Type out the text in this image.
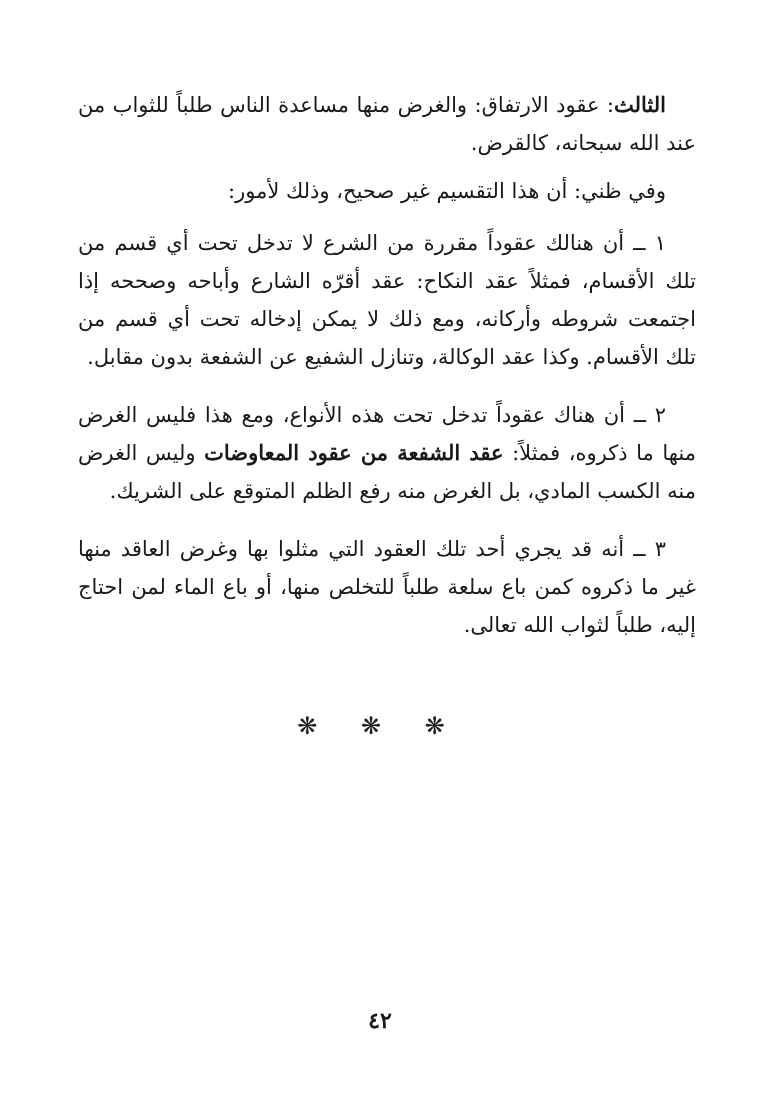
الثالث: عقود الارتفاق: والغرض منها مساعدة الناس طلباً للثواب من عند الله سبحانه، كالقرض.

وفي ظني: أن هذا التقسيم غير صحيح، وذلك لأمور:

١ ــ أن هنالك عقوداً مقررة من الشرع لا تدخل تحت أي قسم من تلك الأقسام، فمثلاً عقد النكاح: عقد أقرّه الشارع وأباحه وصححه إذا اجتمعت شروطه وأركانه، ومع ذلك لا يمكن إدخاله تحت أي قسم من تلك الأقسام. وكذا عقد الوكالة، وتنازل الشفيع عن الشفعة بدون مقابل.

٢ ــ أن هناك عقوداً تدخل تحت هذه الأنواع، ومع هذا فليس الغرض منها ما ذكروه، فمثلاً: عقد الشفعة من عقود المعاوضات وليس الغرض منه الكسب المادي، بل الغرض منه رفع الظلم المتوقع على الشريك.

٣ ــ أنه قد يجري أحد تلك العقود التي مثلوا بها وغرض العاقد منها غير ما ذكروه كمن باع سلعة طلباً للتخلص منها، أو باع الماء لمن احتاج إليه، طلباً لثواب الله تعالى.

❋ ❋ ❋
٤٢
